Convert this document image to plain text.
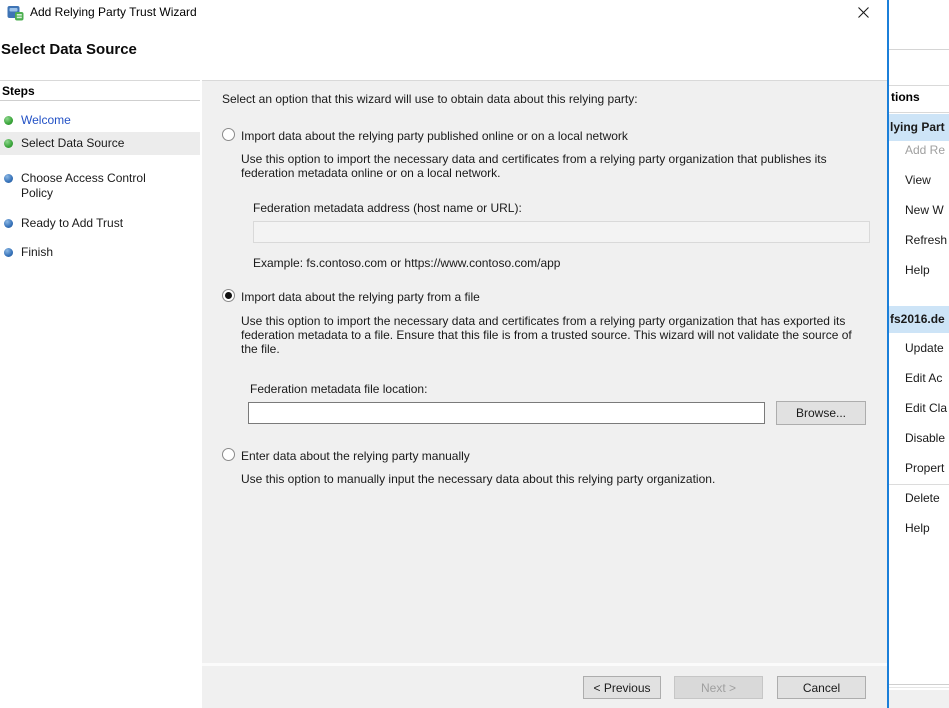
Add Relying Party Trust Wizard
Select Data Source
Steps
Welcome
Select Data Source
Choose Access Control Policy
Ready to Add Trust
Finish
Select an option that this wizard will use to obtain data about this relying party:
Import data about the relying party published online or on a local network
Use this option to import the necessary data and certificates from a relying party organization that publishes its federation metadata online or on a local network.
Federation metadata address (host name or URL):
Example: fs.contoso.com or https://www.contoso.com/app
Import data about the relying party from a file
Use this option to import the necessary data and certificates from a relying party organization that has exported its federation metadata to a file. Ensure that this file is from a trusted source. This wizard will not validate the source of the file.
Federation metadata file location:
Browse...
Enter data about the relying party manually
Use this option to manually input the necessary data about this relying party organization.
< Previous	Next >	Cancel
tions
lying Part
Add Re
View
New W
Refresh
Help
fs2016.de
Update
Edit Ac
Edit Cla
Disable
Propert
Delete
Help
